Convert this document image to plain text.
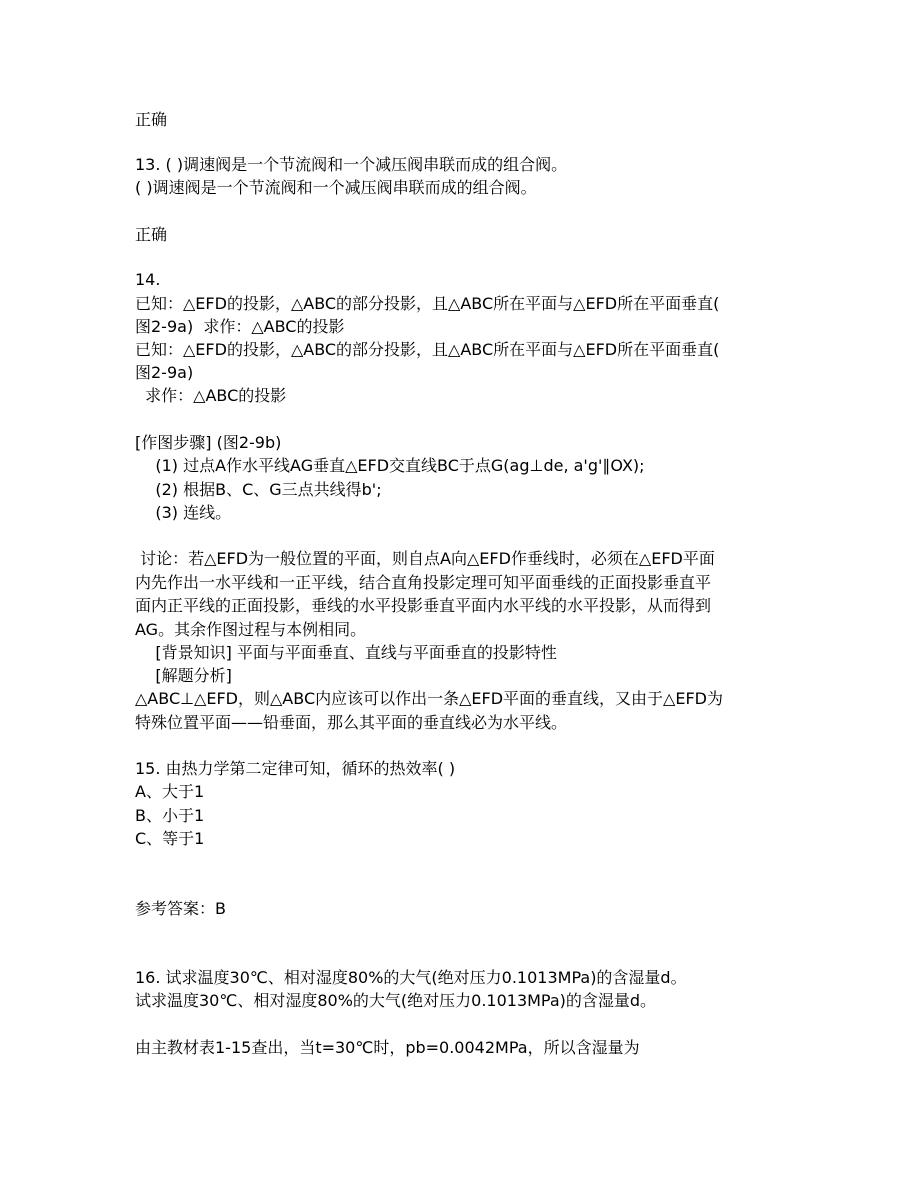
正确

13. ( )调速阀是一个节流阀和一个减压阀串联而成的组合阀。

( )调速阀是一个节流阀和一个减压阀串联而成的组合阀。

正确

14.

已知：△EFD的投影，△ABC的部分投影，且△ABC所在平面与△EFD所在平面垂直(

图2-9a)  求作：△ABC的投影

已知：△EFD的投影，△ABC的部分投影，且△ABC所在平面与△EFD所在平面垂直(

图2-9a)

求作：△ABC的投影

[作图步骤] (图2-9b)

(1) 过点A作水平线AG垂直△EFD交直线BC于点G(ag⊥de, a'g'∥OX);

(2) 根据B、C、G三点共线得b';

(3) 连线。

讨论：若△EFD为一般位置的平面，则自点A向△EFD作垂线时，必须在△EFD平面

内先作出一水平线和一正平线，结合直角投影定理可知平面垂线的正面投影垂直平

面内正平线的正面投影，垂线的水平投影垂直平面内水平线的水平投影，从而得到

AG。其余作图过程与本例相同。

[背景知识] 平面与平面垂直、直线与平面垂直的投影特性

[解题分析]

△ABC⊥△EFD，则△ABC内应该可以作出一条△EFD平面的垂直线，又由于△EFD为

特殊位置平面——铅垂面，那么其平面的垂直线必为水平线。

15. 由热力学第二定律可知，循环的热效率( )

A、大于1

B、小于1

C、等于1

参考答案：B

16. 试求温度30℃、相对湿度80%的大气(绝对压力0.1013MPa)的含湿量d。

试求温度30℃、相对湿度80%的大气(绝对压力0.1013MPa)的含湿量d。

由主教材表1-15查出，当t=30℃时，pb=0.0042MPa，所以含湿量为
